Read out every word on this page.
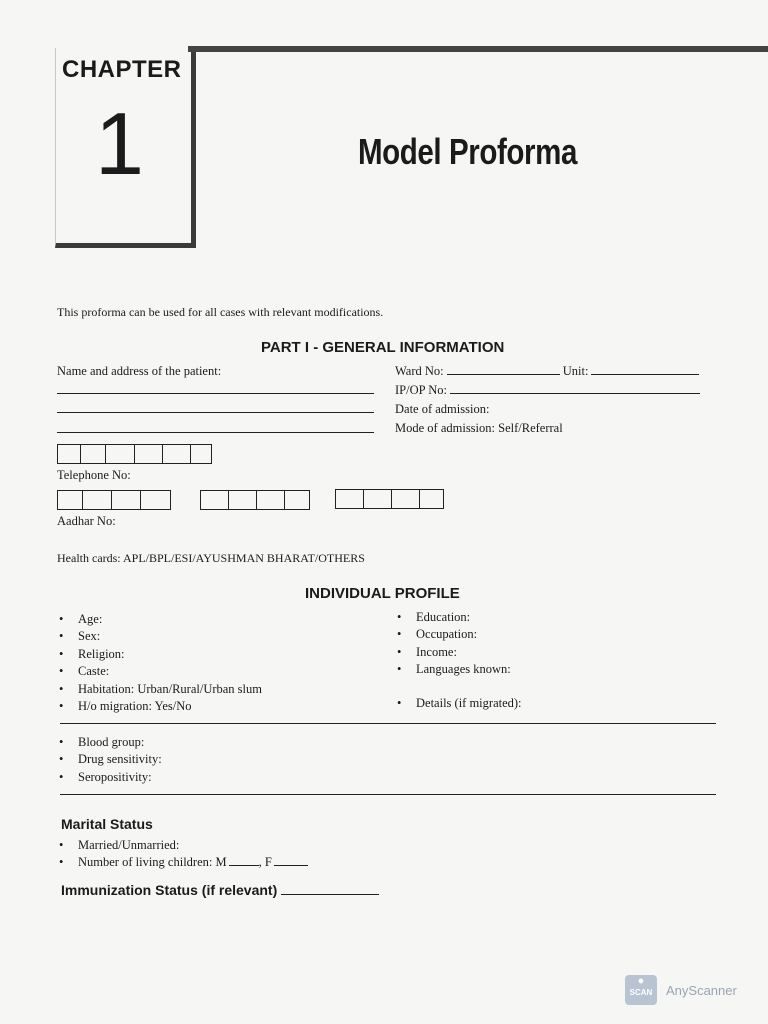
CHAPTER
1	Model Proforma
This proforma can be used for all cases with relevant modifications.
PART I - GENERAL INFORMATION
Name and address of the patient:	Ward No:	Unit:
IP/OP No:
Date of admission:
Mode of admission: Self/Referral
Telephone No:
Aadhar No:
Health cards: APL/BPL/ESI/AYUSHMAN BHARAT/OTHERS
INDIVIDUAL PROFILE
• Age:
• Sex:
• Religion:
• Caste:
• Habitation: Urban/Rural/Urban slum
• H/o migration: Yes/No
• Education:
• Occupation:
• Income:
• Languages known:
• Details (if migrated):
• Blood group:
• Drug sensitivity:
• Seropositivity:
Marital Status
• Married/Unmarried:
• Number of living children: M	, F
Immunization Status (if relevant)
●
SCAN	AnyScanner
